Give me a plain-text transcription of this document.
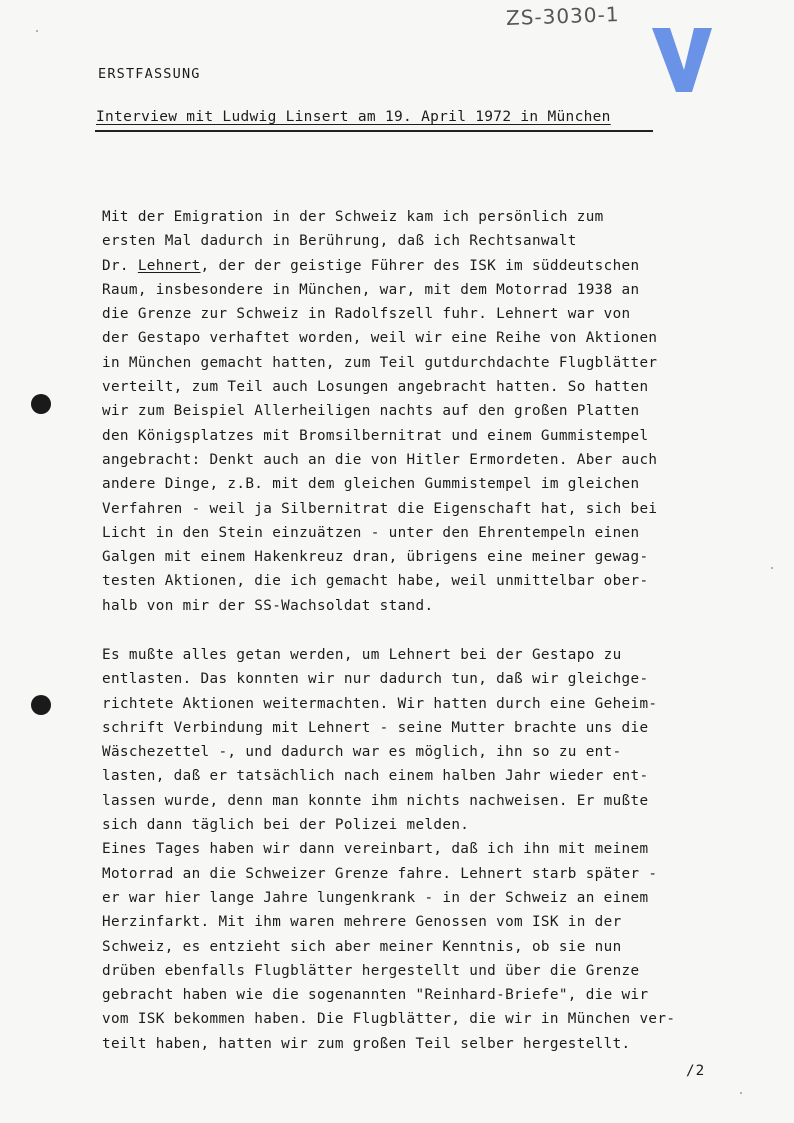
ZS-3030-1
ERSTFASSUNG
Interview mit Ludwig Linsert am 19. April 1972 in München
Mit der Emigration in der Schweiz kam ich persönlich zum
ersten Mal dadurch in Berührung, daß ich Rechtsanwalt
Dr. Lehnert, der der geistige Führer des ISK im süddeutschen
Raum, insbesondere in München, war, mit dem Motorrad 1938 an
die Grenze zur Schweiz in Radolfszell fuhr. Lehnert war von
der Gestapo verhaftet worden, weil wir eine Reihe von Aktionen
in München gemacht hatten, zum Teil gutdurchdachte Flugblätter
verteilt, zum Teil auch Losungen angebracht hatten. So hatten
wir zum Beispiel Allerheiligen nachts auf den großen Platten
den Königsplatzes mit Bromsilbernitrat und einem Gummistempel
angebracht: Denkt auch an die von Hitler Ermordeten. Aber auch
andere Dinge, z.B. mit dem gleichen Gummistempel im gleichen
Verfahren - weil ja Silbernitrat die Eigenschaft hat, sich bei
Licht in den Stein einzuätzen - unter den Ehrentempeln einen
Galgen mit einem Hakenkreuz dran, übrigens eine meiner gewag-
testen Aktionen, die ich gemacht habe, weil unmittelbar ober-
halb von mir der SS-Wachsoldat stand.
Es mußte alles getan werden, um Lehnert bei der Gestapo zu
entlasten. Das konnten wir nur dadurch tun, daß wir gleichge-
richtete Aktionen weitermachten. Wir hatten durch eine Geheim-
schrift Verbindung mit Lehnert - seine Mutter brachte uns die
Wäschezettel -, und dadurch war es möglich, ihn so zu ent-
lasten, daß er tatsächlich nach einem halben Jahr wieder ent-
lassen wurde, denn man konnte ihm nichts nachweisen. Er mußte
sich dann täglich bei der Polizei melden.
Eines Tages haben wir dann vereinbart, daß ich ihn mit meinem
Motorrad an die Schweizer Grenze fahre. Lehnert starb später -
er war hier lange Jahre lungenkrank - in der Schweiz an einem
Herzinfarkt. Mit ihm waren mehrere Genossen vom ISK in der
Schweiz, es entzieht sich aber meiner Kenntnis, ob sie nun
drüben ebenfalls Flugblätter hergestellt und über die Grenze
gebracht haben wie die sogenannten "Reinhard-Briefe", die wir
vom ISK bekommen haben. Die Flugblätter, die wir in München ver-
teilt haben, hatten wir zum großen Teil selber hergestellt.
/2
